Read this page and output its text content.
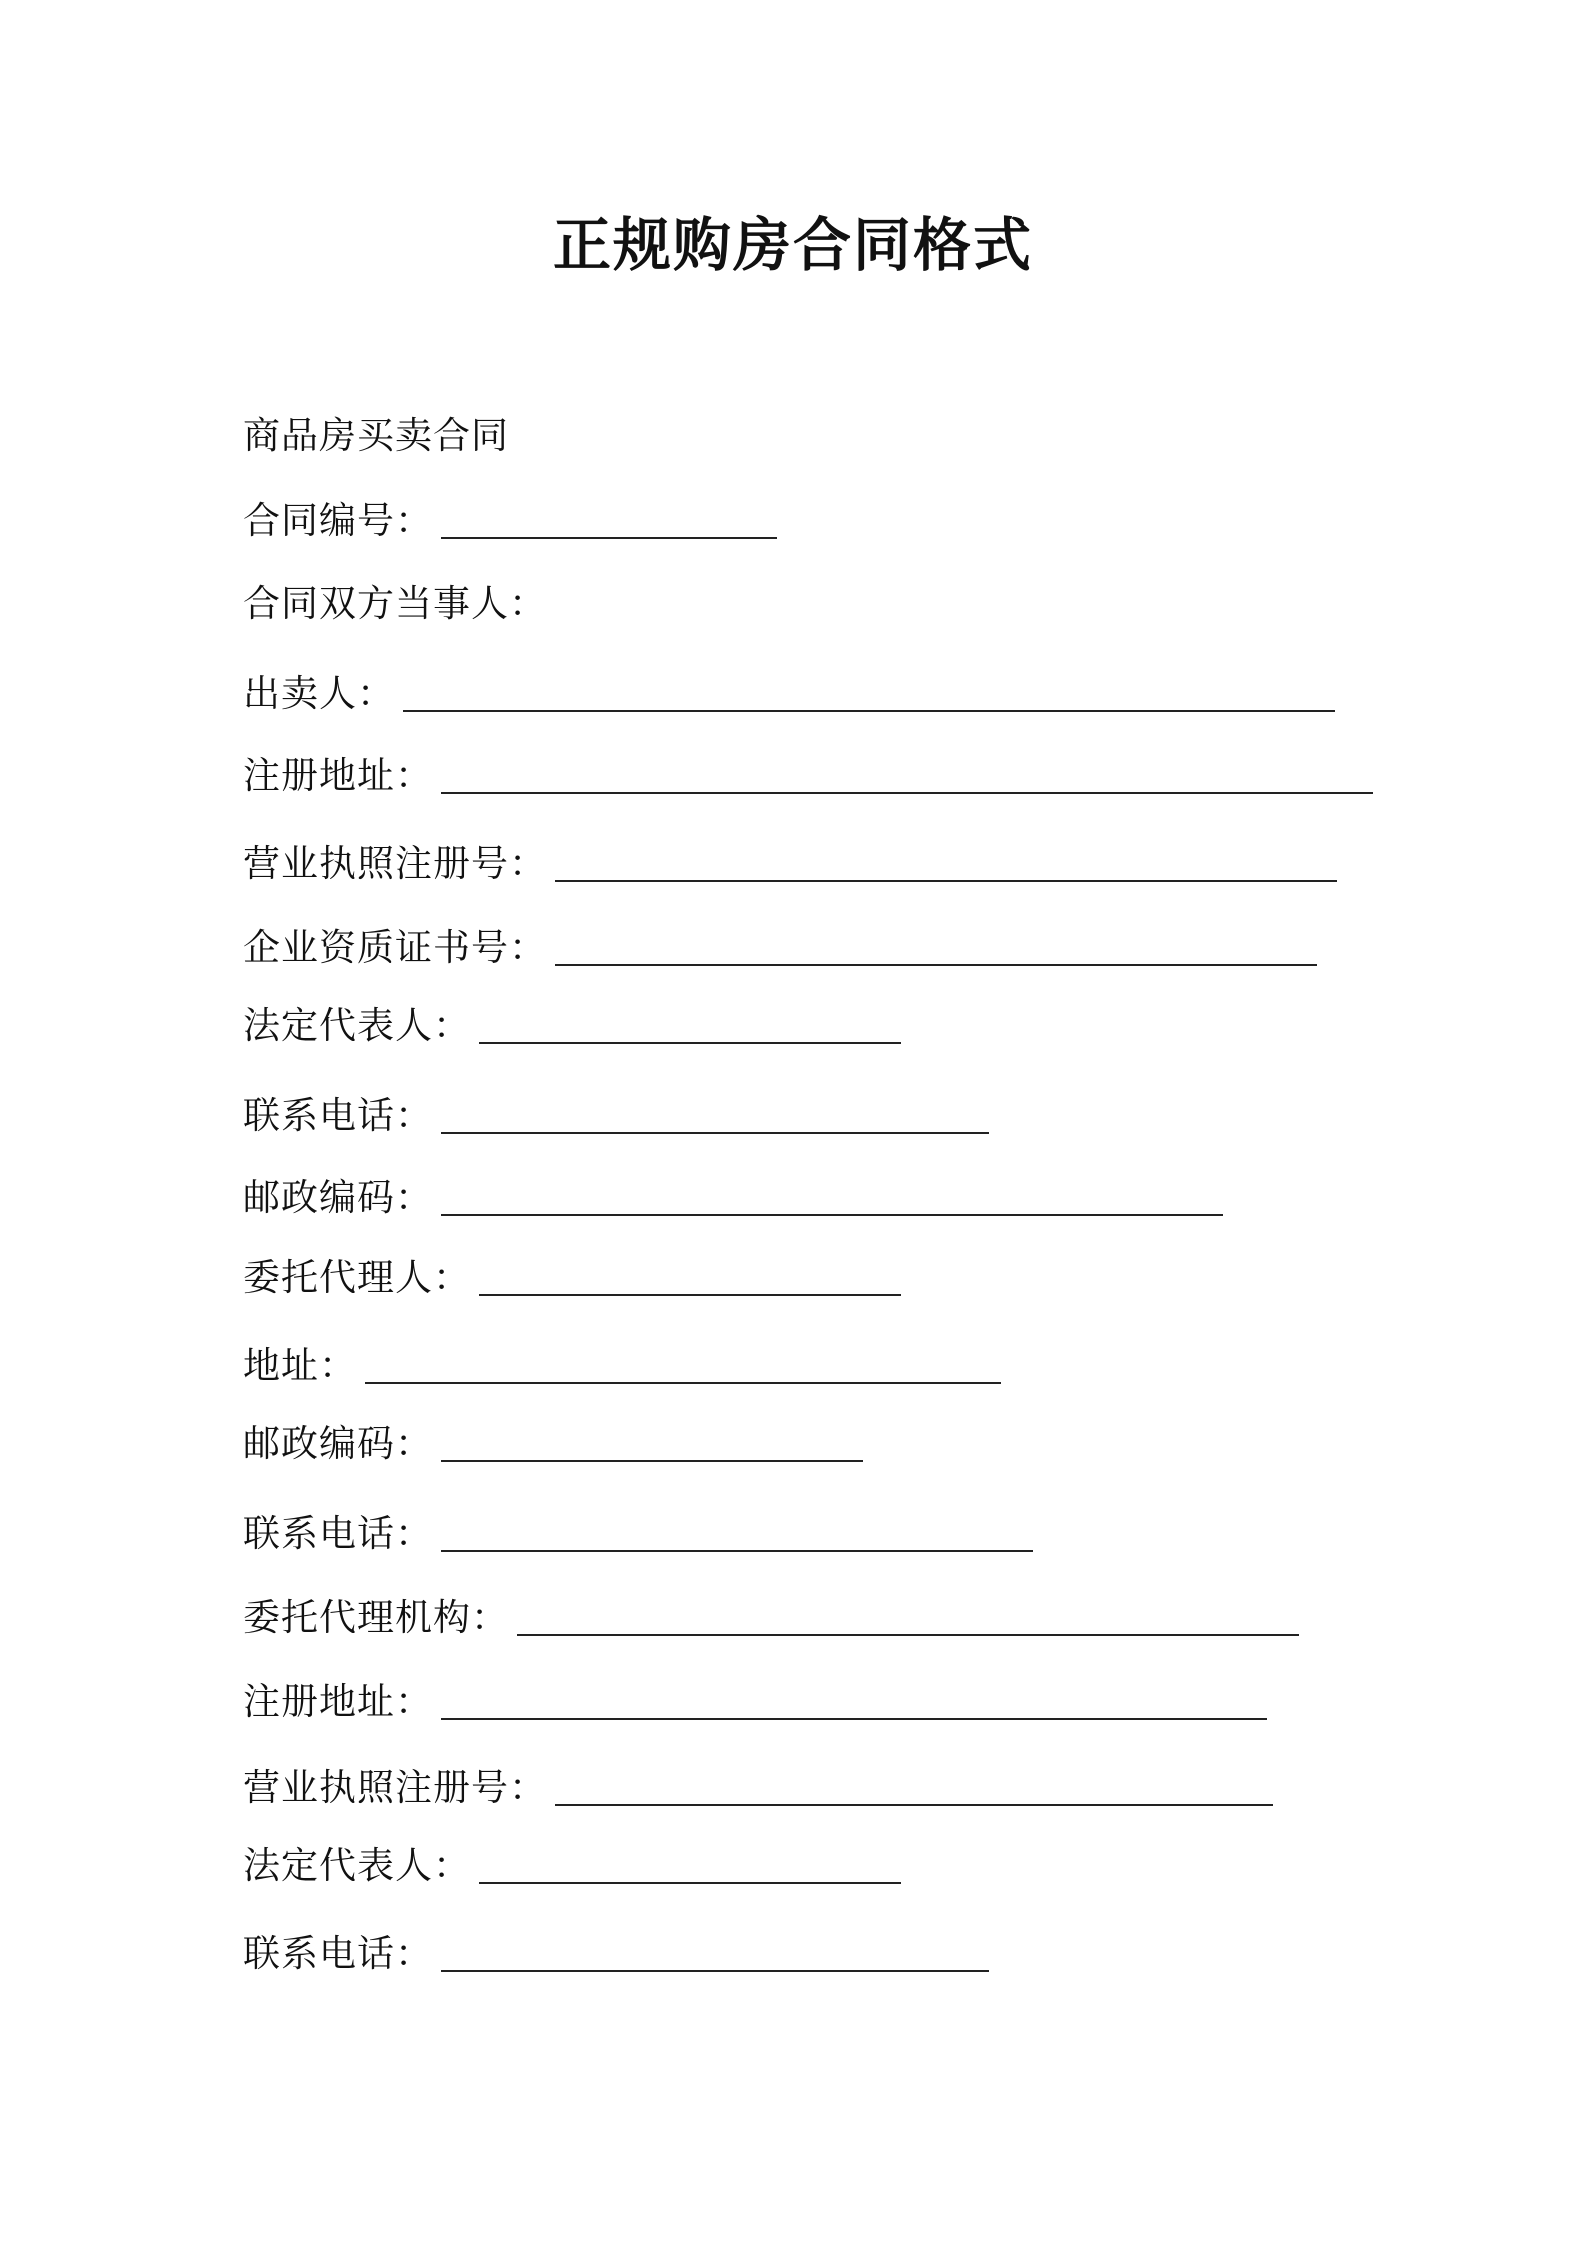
正规购房合同格式
商品房买卖合同
合同编号：
合同双方当事人：
出卖人：
注册地址：
营业执照注册号：
企业资质证书号：
法定代表人：
联系电话：
邮政编码：
委托代理人：
地址：
邮政编码：
联系电话：
委托代理机构：
注册地址：
营业执照注册号：
法定代表人：
联系电话：
